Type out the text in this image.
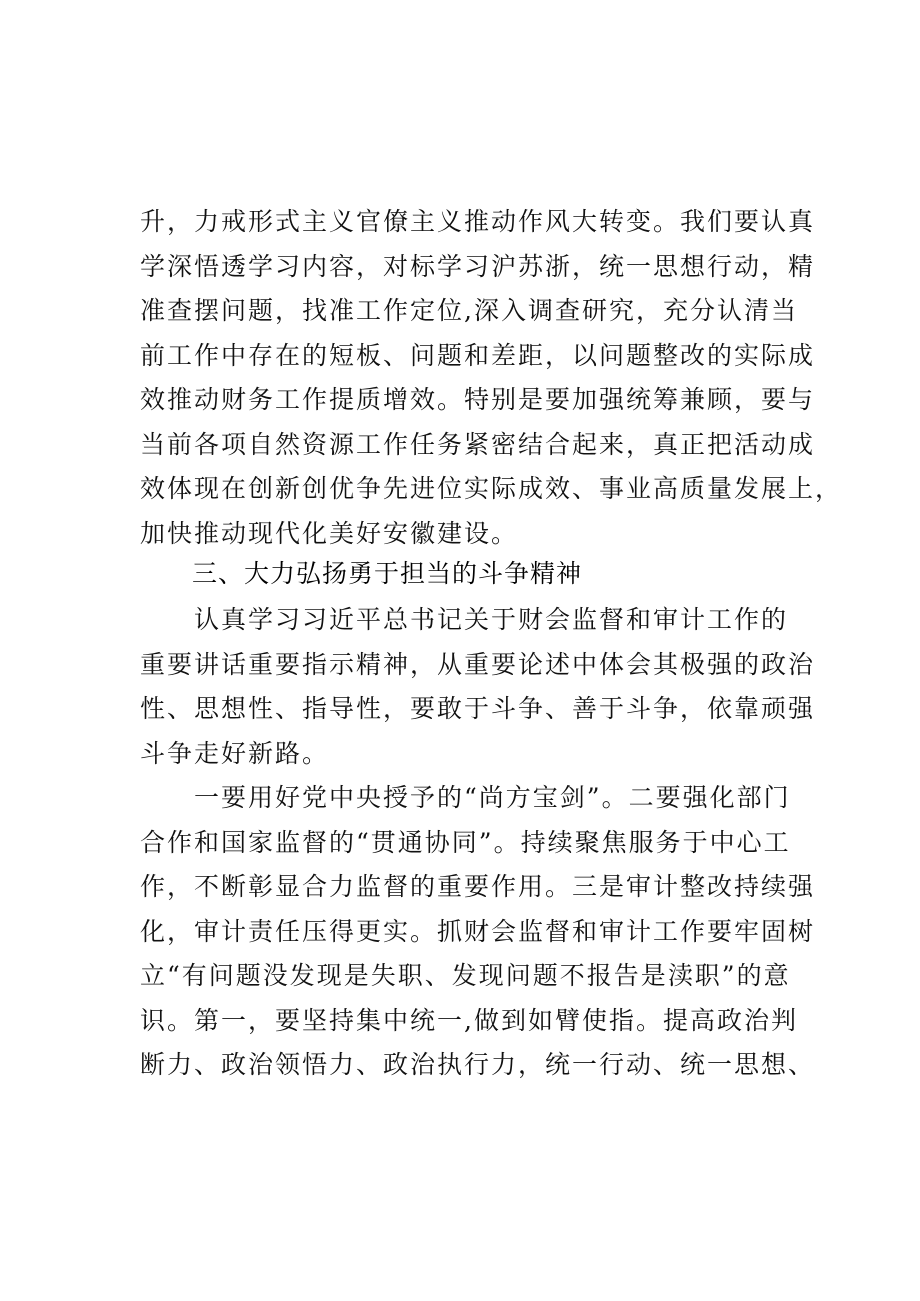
升，力戒形式主义官僚主义推动作风大转变。我们要认真
学深悟透学习内容，对标学习沪苏浙，统一思想行动，精
准查摆问题，找准工作定位,深入调查研究，充分认清当
前工作中存在的短板、问题和差距，以问题整改的实际成
效推动财务工作提质增效。特别是要加强统筹兼顾，要与
当前各项自然资源工作任务紧密结合起来，真正把活动成
效体现在创新创优争先进位实际成效、事业高质量发展上，
加快推动现代化美好安徽建设。
三、大力弘扬勇于担当的斗争精神
认真学习习近平总书记关于财会监督和审计工作的
重要讲话重要指示精神，从重要论述中体会其极强的政治
性、思想性、指导性，要敢于斗争、善于斗争，依靠顽强
斗争走好新路。
一要用好党中央授予的“尚方宝剑”。二要强化部门
合作和国家监督的“贯通协同”。持续聚焦服务于中心工
作，不断彰显合力监督的重要作用。三是审计整改持续强
化，审计责任压得更实。抓财会监督和审计工作要牢固树
立“有问题没发现是失职、发现问题不报告是渎职”的意
识。第一，要坚持集中统一,做到如臂使指。提高政治判
断力、政治领悟力、政治执行力，统一行动、统一思想、
